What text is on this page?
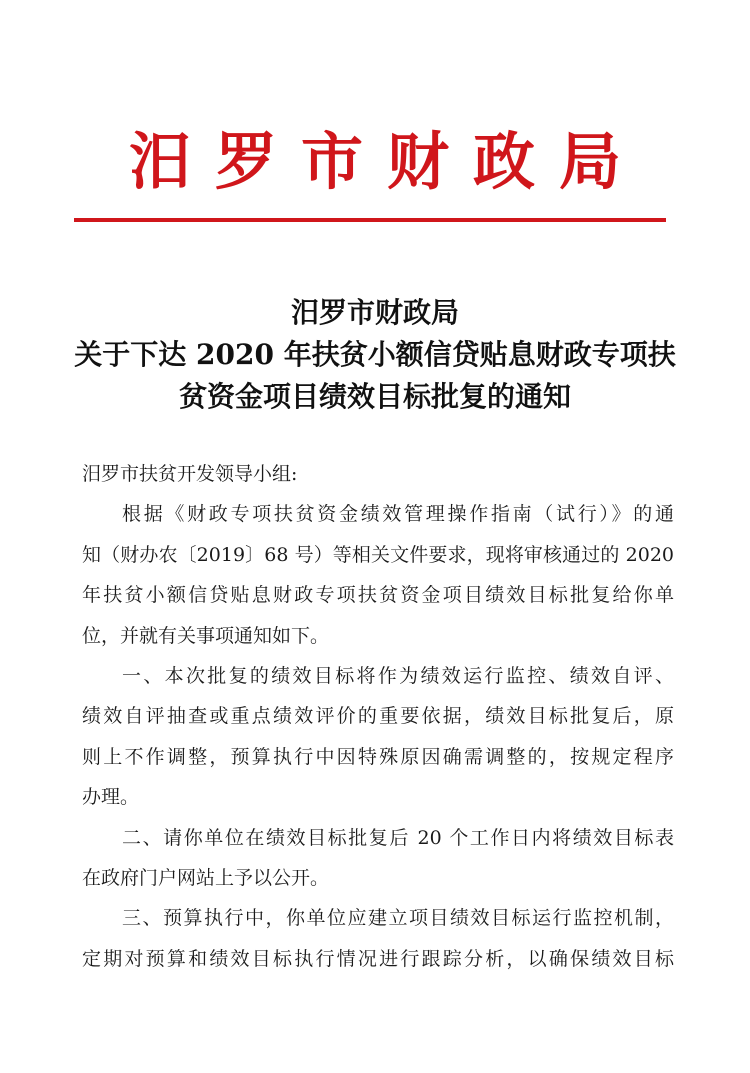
汨罗市财政局
汨罗市财政局
关于下达 2020 年扶贫小额信贷贴息财政专项扶
贫资金项目绩效目标批复的通知
汨罗市扶贫开发领导小组:
根据《财政专项扶贫资金绩效管理操作指南（试行）》的通
知（财办农〔2019〕68 号）等相关文件要求，现将审核通过的 2020
年扶贫小额信贷贴息财政专项扶贫资金项目绩效目标批复给你单
位，并就有关事项通知如下。
一、本次批复的绩效目标将作为绩效运行监控、绩效自评、
绩效自评抽查或重点绩效评价的重要依据，绩效目标批复后，原
则上不作调整，预算执行中因特殊原因确需调整的，按规定程序
办理。
二、请你单位在绩效目标批复后 20 个工作日内将绩效目标表
在政府门户网站上予以公开。
三、预算执行中，你单位应建立项目绩效目标运行监控机制，
定期对预算和绩效目标执行情况进行跟踪分析，以确保绩效目标
